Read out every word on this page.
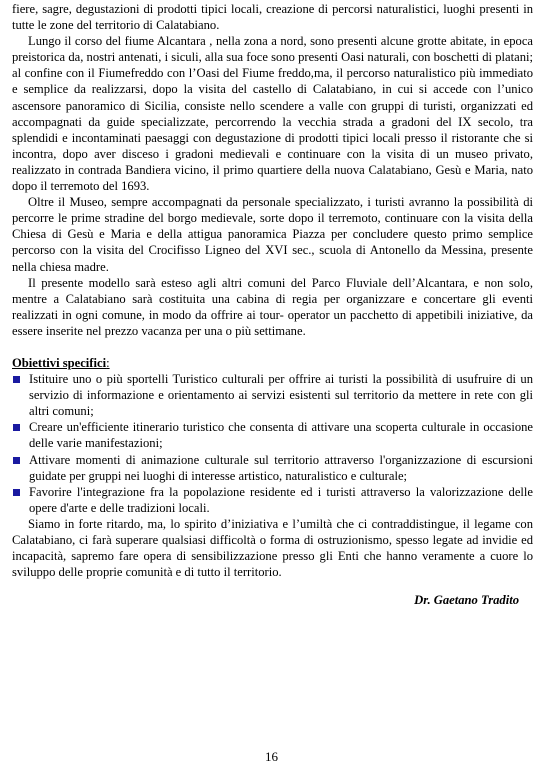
fiere, sagre, degustazioni di prodotti tipici locali, creazione di percorsi naturalistici, luoghi presenti in tutte le zone del territorio di Calatabiano.

Lungo il corso del fiume Alcantara , nella zona a nord, sono presenti alcune grotte abitate, in epoca preistorica da, nostri antenati, i siculi, alla sua foce sono presenti Oasi naturali, con boschetti di platani; al confine con il Fiumefreddo con l’Oasi del Fiume freddo,ma, il percorso naturalistico più immediato e semplice da realizzarsi, dopo la visita del castello di Calatabiano, in cui si accede con l’unico ascensore panoramico di Sicilia, consiste nello scendere a valle con gruppi di turisti, organizzati ed accompagnati da guide specializzate, percorrendo la vecchia strada a gradoni del IX secolo, tra splendidi e incontaminati paesaggi con degustazione di prodotti tipici locali presso il ristorante che si incontra, dopo aver disceso i gradoni medievali e continuare con la visita di un museo privato, realizzato in contrada Bandiera vicino, il primo quartiere della nuova Calatabiano, Gesù e Maria, nato dopo il terremoto del 1693.

Oltre il Museo, sempre accompagnati da personale specializzato, i turisti avranno la possibilità di percorre le prime stradine del borgo medievale, sorte dopo il terremoto, continuare con la visita della Chiesa di Gesù e Maria e della attigua panoramica Piazza per concludere questo primo semplice percorso con la visita del Crocifisso Ligneo del XVI sec., scuola di Antonello da Messina, presente nella chiesa madre.

Il presente modello sarà esteso agli altri comuni del Parco Fluviale dell’Alcantara, e non solo, mentre a Calatabiano sarà costituita una cabina di regia per organizzare e concertare gli eventi realizzati in ogni comune, in modo da offrire ai tour- operator un pacchetto di appetibili iniziative, da essere inserite nel prezzo vacanza per una o più settimane.

Obiettivi specifici:

Istituire uno o più sportelli Turistico culturali per offrire ai turisti la possibilità di usufruire di un servizio di informazione e orientamento ai servizi esistenti sul territorio da mettere in rete con gli altri comuni;
Creare un'efficiente itinerario turistico che consenta di attivare una scoperta culturale in occasione delle varie manifestazioni;
Attivare momenti di animazione culturale sul territorio attraverso l'organizzazione di escursioni guidate per gruppi nei luoghi di interesse artistico, naturalistico e culturale;
Favorire l'integrazione fra la popolazione residente ed i turisti attraverso la valorizzazione delle opere d'arte e delle tradizioni locali.

Siamo in forte ritardo, ma, lo spirito d’iniziativa e l’umiltà che ci contraddistingue, il legame con Calatabiano, ci farà superare qualsiasi difficoltà o forma di ostruzionismo, spesso legate ad invidie ed incapacità, sapremo fare opera di sensibilizzazione presso gli Enti che hanno veramente a cuore lo sviluppo delle proprie comunità e di tutto il territorio.

Dr. Gaetano Tradito

16
